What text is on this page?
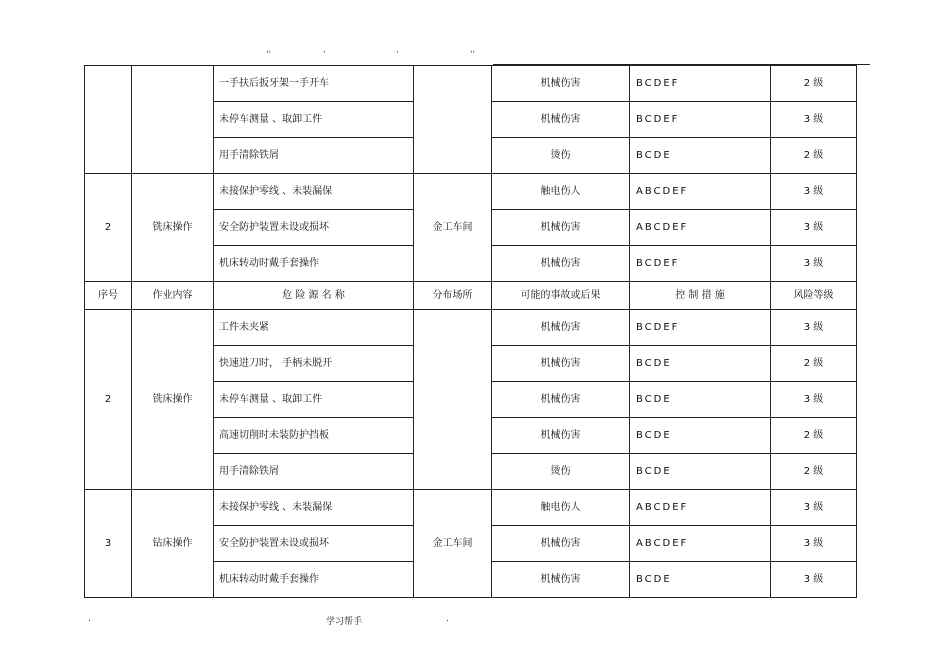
''	'	'	''
		一手扶后扳牙架一手开车		机械伤害	BCDEF	2 级
		未停车测量 、取卸工件		机械伤害	BCDEF	3 级
		用手清除铁屑		烫伤	BCDE	2 级
2	铣床操作	未接保护零线 、未装漏保	金工车间	触电伤人	ABCDEF	3 级
		安全防护装置未设或损坏		机械伤害	ABCDEF	3 级
		机床转动时戴手套操作		机械伤害	BCDEF	3 级
序号	作业内容	危 险 源 名 称	分布场所	可能的事故或后果	控 制 措 施	风险等级
2	铣床操作	工件未夹紧		机械伤害	BCDEF	3 级
		快速进刀时， 手柄未脱开		机械伤害	BCDE	2 级
		未停车测量 、取卸工件		机械伤害	BCDE	3 级
		高速切削时未装防护挡板		机械伤害	BCDE	2 级
		用手清除铁屑		烫伤	BCDE	2 级
3	钻床操作	未接保护零线 、未装漏保	金工车间	触电伤人	ABCDEF	3 级
		安全防护装置未设或损坏		机械伤害	ABCDEF	3 级
		机床转动时戴手套操作		机械伤害	BCDE	3 级
.	学习帮手	.
